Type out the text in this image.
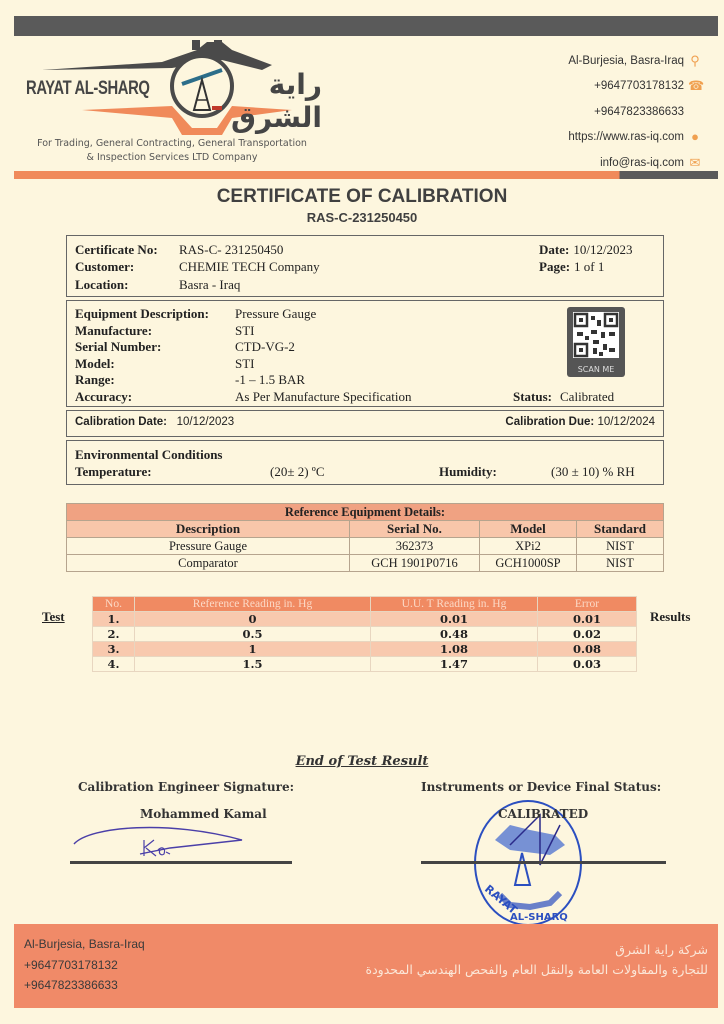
RAYAT AL-SHARQ	راية الشرق
For Trading, General Contracting, General Transportation
& Inspection Services LTD Company
Al-Burjesia, Basra-Iraq ⚲
+9647703178132 ☎
+9647823386633
https://www.ras-iq.com ●
info@ras-iq.com ✉
CERTIFICATE OF CALIBRATION
RAS-C-231250450
Certificate No: RAS-C- 231250450
Customer:	CHEMIE TECH Company
Location:	Basra - Iraq
Date: 10/12/2023
Page: 1 of 1
Equipment Description: Pressure Gauge
Manufacture:	STI
Serial Number:	CTD-VG-2
Model:	STI
Range:	-1 – 1.5 BAR
Accuracy:	As Per Manufacture Specification	Status: Calibrated
SCAN ME
Calibration Date: 10/12/2023	Calibration Due: 10/12/2024
Environmental Conditions
Temperature:	(20± 2) ºC	Humidity:	(30 ± 10) % RH
Reference Equipment Details:			
Description	Serial No.	Model	Standard
Pressure Gauge	362373	XPi2	NIST
Comparator	GCH 1901P0716	GCH1000SP	NIST
Test	Results
No.	Reference Reading in. Hg	U.U. T Reading in. Hg	Error
1.	0	0.01	0.01
2.	0.5	0.48	0.02
3.	1	1.08	0.08
4.	1.5	1.47	0.03
End of Test Result
Calibration Engineer Signature:
Mohammed Kamal
Instruments or Device Final Status:
RAYAT
AL-SHARQ
CALIBRATED
Al-Burjesia, Basra-Iraq
+9647703178132
+9647823386633
شركة راية الشرق
للتجارة والمقاولات العامة والنقل العام والفحص الهندسي المحدودة
